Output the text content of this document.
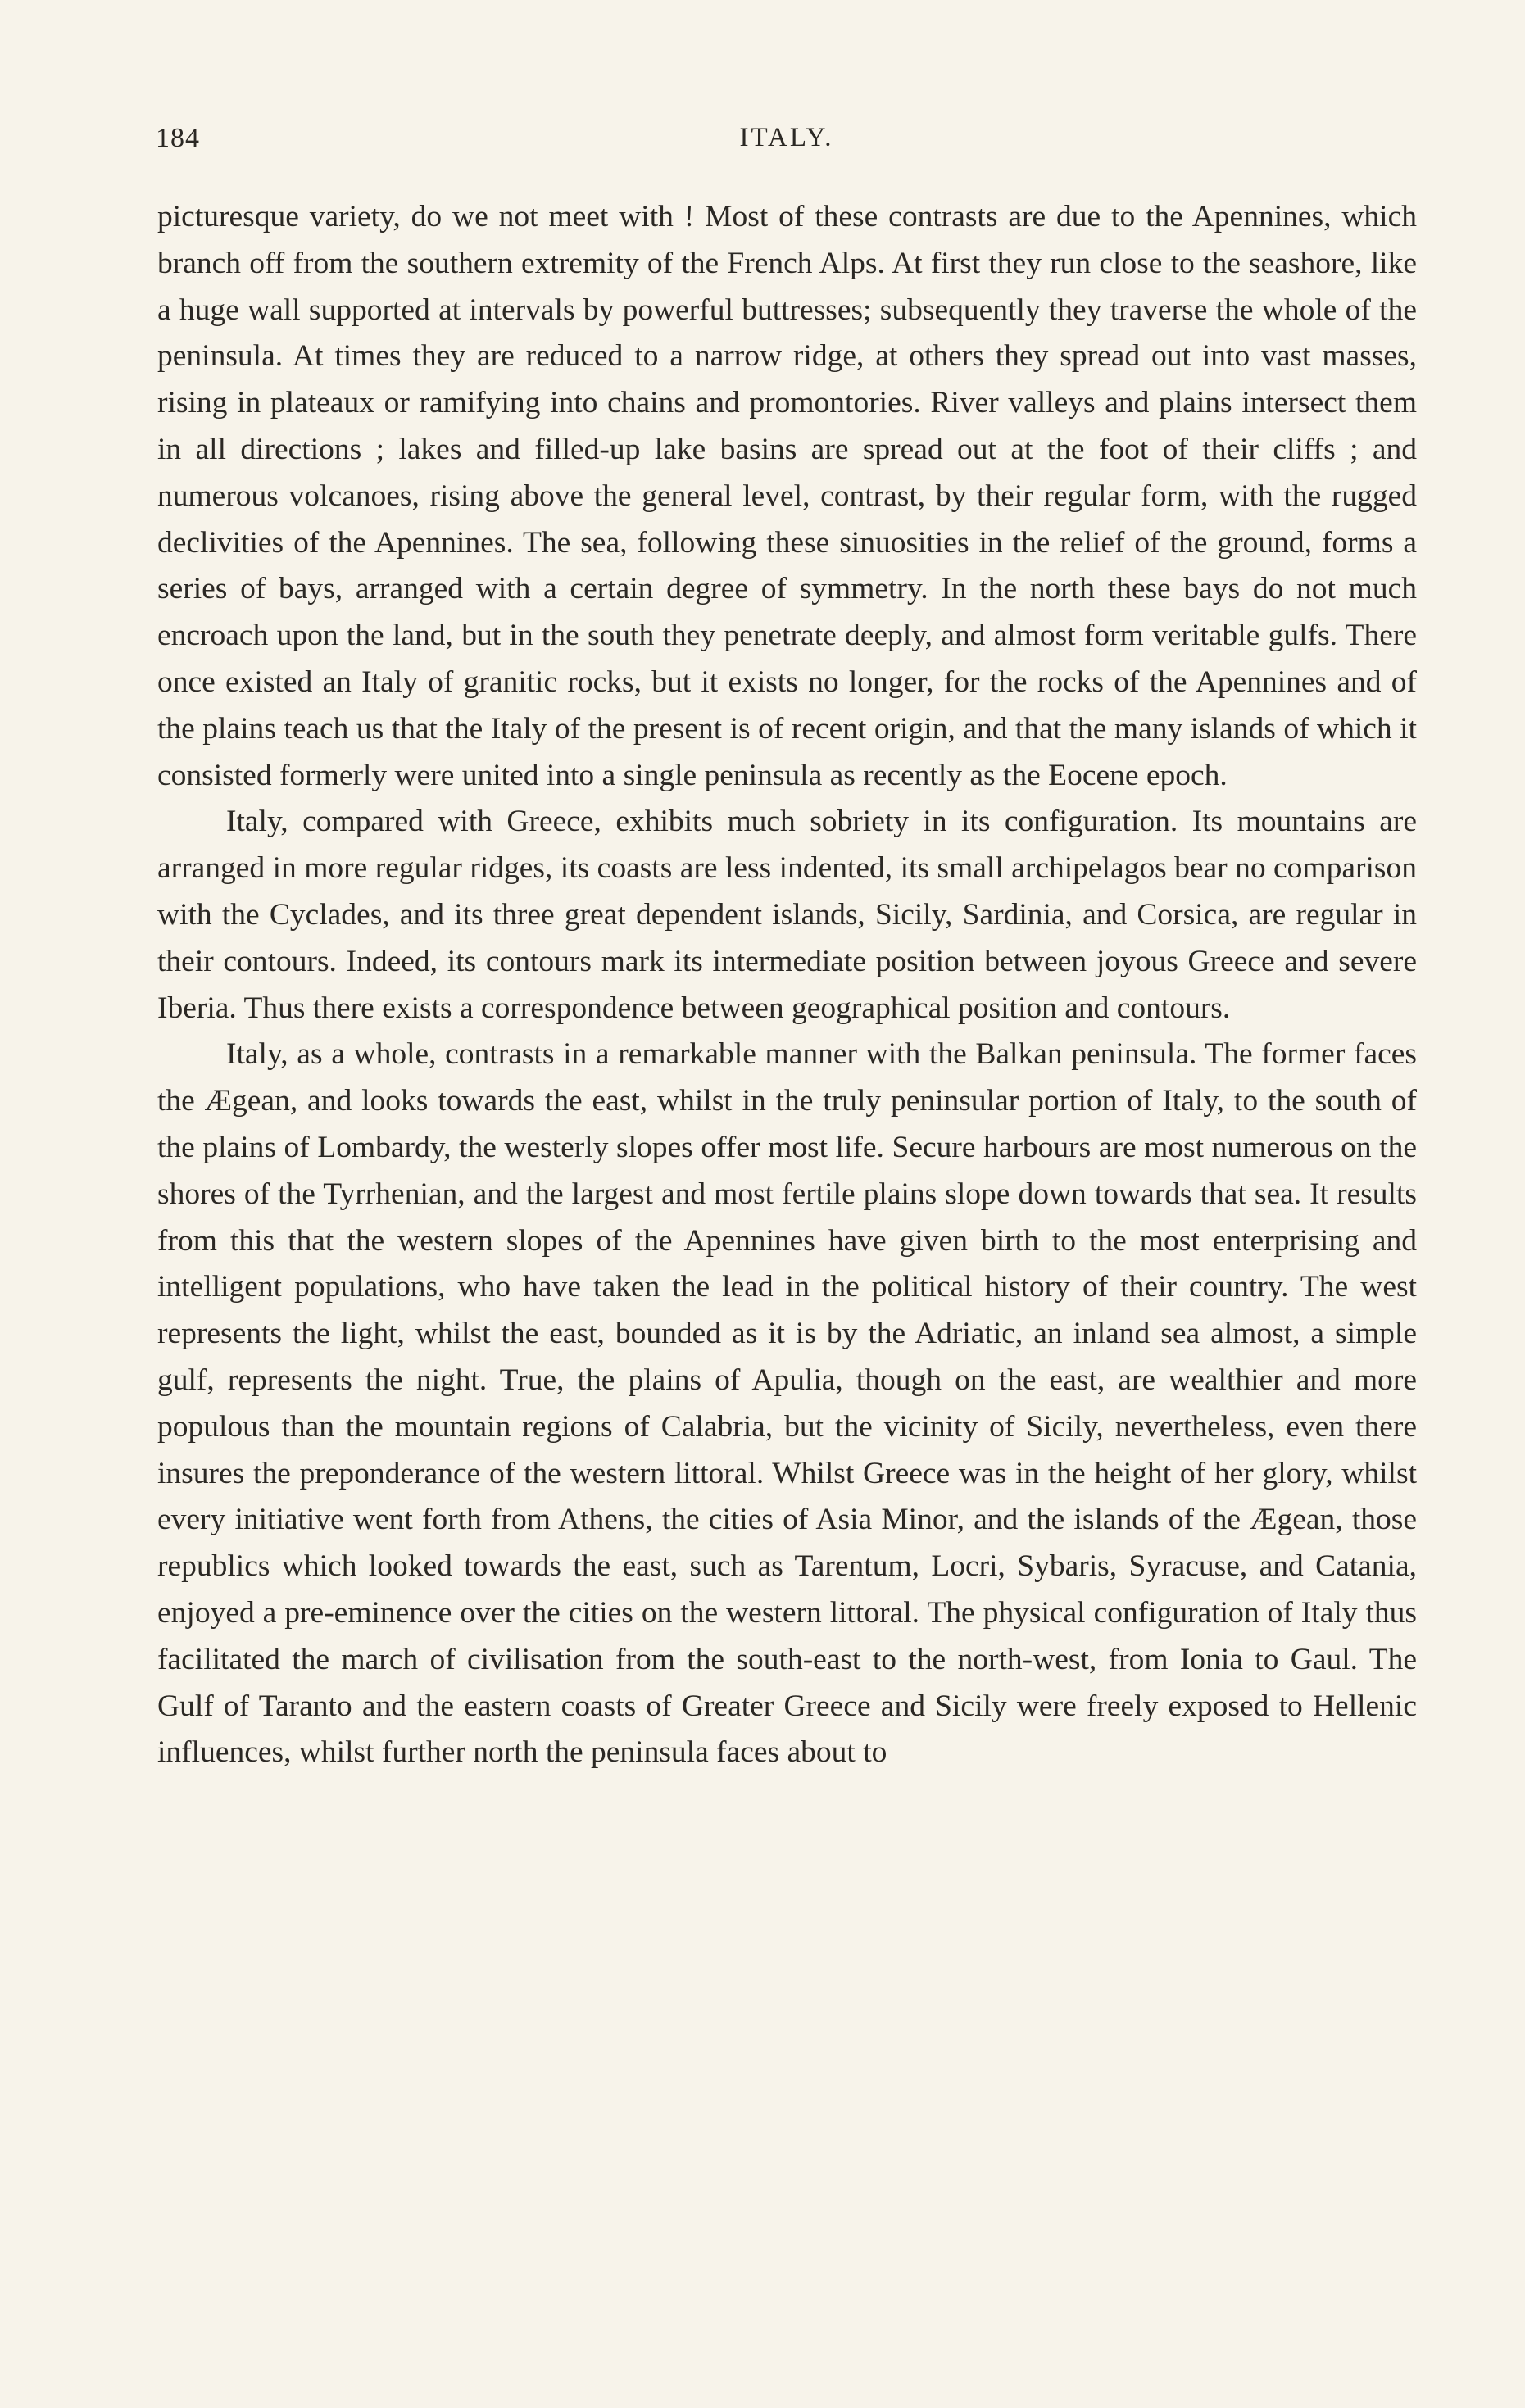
184	ITALY.

picturesque variety, do we not meet with ! Most of these contrasts are due to the Apennines, which branch off from the southern extremity of the French Alps. At first they run close to the seashore, like a huge wall supported at intervals by powerful buttresses; subsequently they traverse the whole of the peninsula. At times they are reduced to a narrow ridge, at others they spread out into vast masses, rising in plateaux or ramifying into chains and promontories. River valleys and plains intersect them in all directions ; lakes and filled-up lake basins are spread out at the foot of their cliffs ; and numerous volcanoes, rising above the general level, contrast, by their regular form, with the rugged declivities of the Apennines. The sea, following these sinuosities in the relief of the ground, forms a series of bays, arranged with a certain degree of symmetry. In the north these bays do not much encroach upon the land, but in the south they penetrate deeply, and almost form veritable gulfs. There once existed an Italy of granitic rocks, but it exists no longer, for the rocks of the Apennines and of the plains teach us that the Italy of the present is of recent origin, and that the many islands of which it consisted formerly were united into a single peninsula as recently as the Eocene epoch.

Italy, compared with Greece, exhibits much sobriety in its configuration. Its mountains are arranged in more regular ridges, its coasts are less indented, its small archipelagos bear no comparison with the Cyclades, and its three great dependent islands, Sicily, Sardinia, and Corsica, are regular in their contours. Indeed, its contours mark its intermediate position between joyous Greece and severe Iberia. Thus there exists a correspondence between geographical position and contours.

Italy, as a whole, contrasts in a remarkable manner with the Balkan peninsula. The former faces the Ægean, and looks towards the east, whilst in the truly peninsular portion of Italy, to the south of the plains of Lombardy, the westerly slopes offer most life. Secure harbours are most numerous on the shores of the Tyrrhenian, and the largest and most fertile plains slope down towards that sea. It results from this that the western slopes of the Apennines have given birth to the most enterprising and intelligent populations, who have taken the lead in the political history of their country. The west represents the light, whilst the east, bounded as it is by the Adriatic, an inland sea almost, a simple gulf, represents the night. True, the plains of Apulia, though on the east, are wealthier and more populous than the mountain regions of Calabria, but the vicinity of Sicily, nevertheless, even there insures the preponderance of the western littoral. Whilst Greece was in the height of her glory, whilst every initiative went forth from Athens, the cities of Asia Minor, and the islands of the Ægean, those republics which looked towards the east, such as Tarentum, Locri, Sybaris, Syracuse, and Catania, enjoyed a pre-eminence over the cities on the western littoral. The physical configuration of Italy thus facilitated the march of civilisation from the south-east to the north-west, from Ionia to Gaul. The Gulf of Taranto and the eastern coasts of Greater Greece and Sicily were freely exposed to Hellenic influences, whilst further north the peninsula faces about to
